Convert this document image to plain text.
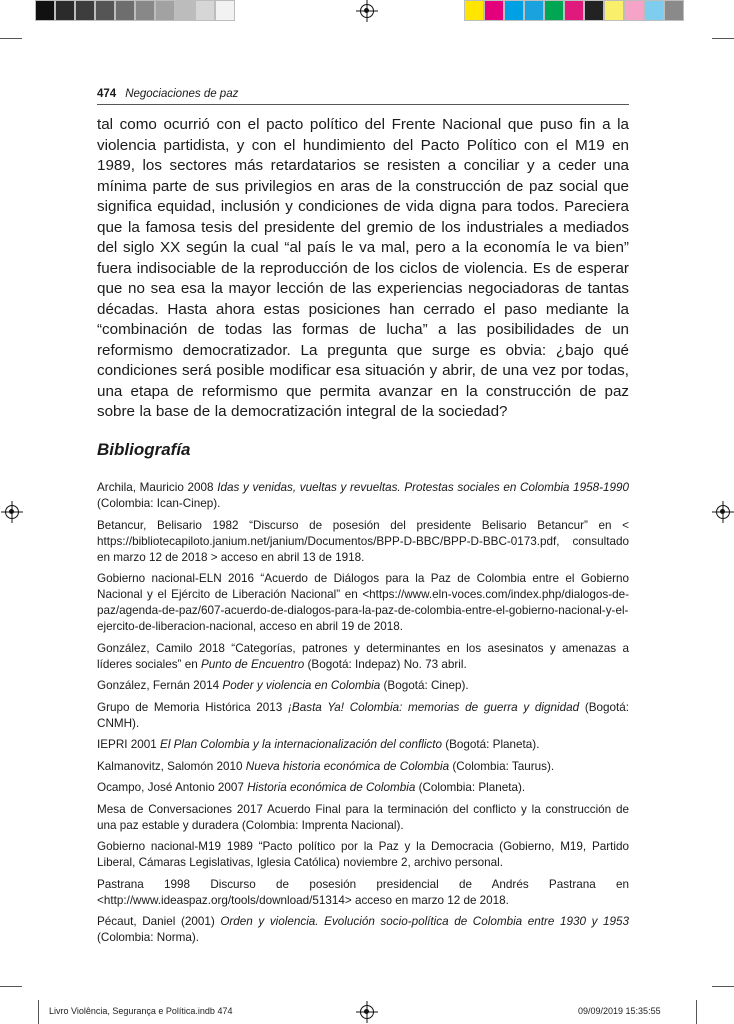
474 Negociaciones de paz

tal como ocurrió con el pacto político del Frente Nacional que puso fin a la violencia partidista, y con el hundimiento del Pacto Político con el M19 en 1989, los sectores más retardatarios se resisten a conciliar y a ceder una mínima parte de sus privilegios en aras de la construcción de paz social que significa equidad, inclusión y condiciones de vida digna para todos. Pareciera que la famosa tesis del presidente del gremio de los industriales a mediados del siglo XX según la cual “al país le va mal, pero a la economía le va bien” fuera indisociable de la reproducción de los ciclos de violencia. Es de esperar que no sea esa la mayor lección de las experiencias negociadoras de tantas décadas. Hasta ahora estas posiciones han cerrado el paso mediante la “combinación de todas las formas de lucha” a las posibilidades de un reformismo democratizador. La pregunta que surge es obvia: ¿bajo qué condiciones será posible modificar esa situación y abrir, de una vez por todas, una etapa de reformismo que permita avanzar en la construcción de paz sobre la base de la democratización integral de la sociedad?

Bibliografía

Archila, Mauricio 2008 Idas y venidas, vueltas y revueltas. Protestas sociales en Colombia 1958-1990 (Colombia: Ican-Cinep).

Betancur, Belisario 1982 “Discurso de posesión del presidente Belisario Betancur” en < https://bibliotecapiloto.janium.net/janium/Documentos/BPP-D-BBC/BPP-D-BBC-0173.pdf, consultado en marzo 12 de 2018 > acceso en abril 13 de 1918.

Gobierno nacional-ELN 2016 “Acuerdo de Diálogos para la Paz de Colombia entre el Gobierno Nacional y el Ejército de Liberación Nacional” en <https://www.eln-voces.com/index.php/dialogos-de-paz/agenda-de-paz/607-acuerdo-de-dialogos-para-la-paz-de-colombia-entre-el-gobierno-nacional-y-el-ejercito-de-liberacion-nacional, acceso en abril 19 de 2018.

González, Camilo 2018 “Categorías, patrones y determinantes en los asesinatos y amenazas a líderes sociales” en Punto de Encuentro (Bogotá: Indepaz) No. 73 abril.

González, Fernán 2014 Poder y violencia en Colombia (Bogotá: Cinep).

Grupo de Memoria Histórica 2013 ¡Basta Ya! Colombia: memorias de guerra y dignidad (Bogotá: CNMH).

IEPRI 2001 El Plan Colombia y la internacionalización del conflicto (Bogotá: Planeta).

Kalmanovitz, Salomón 2010 Nueva historia económica de Colombia (Colombia: Taurus).

Ocampo, José Antonio 2007 Historia económica de Colombia (Colombia: Planeta).

Mesa de Conversaciones 2017 Acuerdo Final para la terminación del conflicto y la construcción de una paz estable y duradera (Colombia: Imprenta Nacional).

Gobierno nacional-M19 1989 “Pacto político por la Paz y la Democracia (Gobierno, M19, Partido Liberal, Cámaras Legislativas, Iglesia Católica) noviembre 2, archivo personal.

Pastrana 1998 Discurso de posesión presidencial de Andrés Pastrana en <http://www.ideaspaz.org/tools/download/51314> acceso en marzo 12 de 2018.

Pécaut, Daniel (2001) Orden y violencia. Evolución socio-política de Colombia entre 1930 y 1953 (Colombia: Norma).

Livro Violência, Segurança e Política.indb 474	09/09/2019 15:35:55
